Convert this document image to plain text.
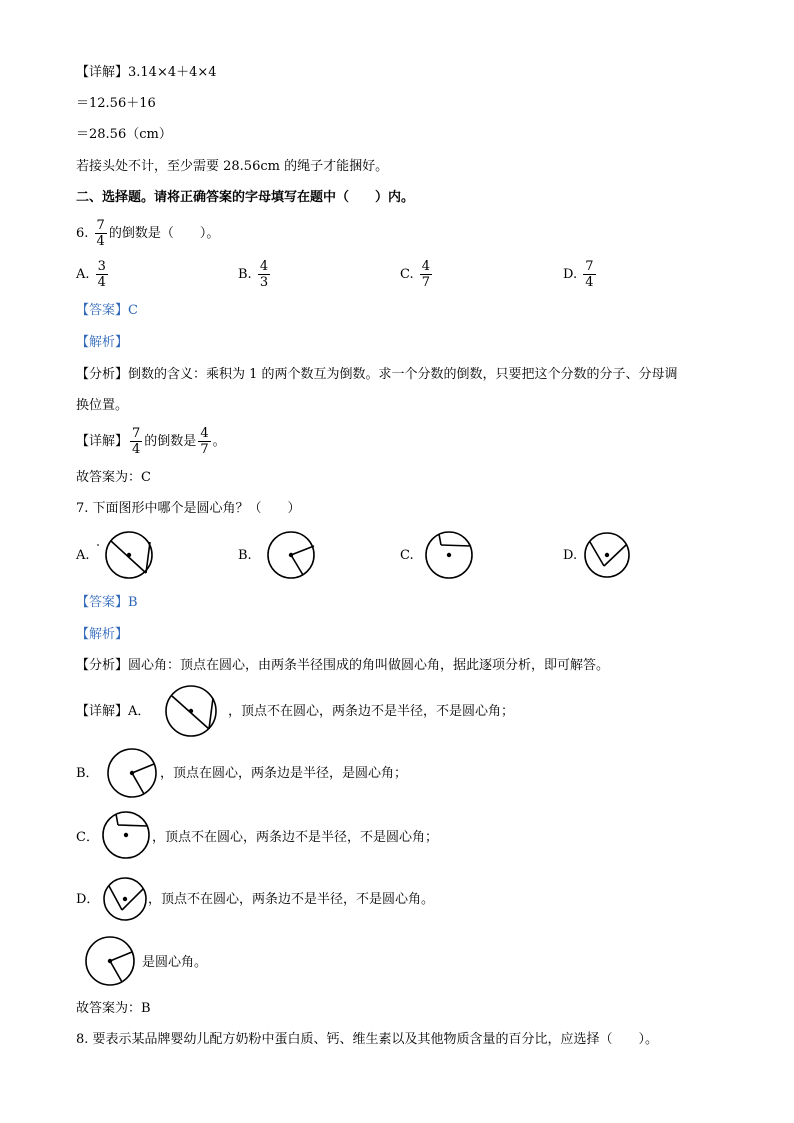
【详解】3.14×4＋4×4
＝12.56＋16
＝28.56（cm）
若接头处不计，至少需要 28.56cm 的绳子才能捆好。
二、选择题。请将正确答案的字母填写在题中（　　）内。
6. $\frac{7}{4}$ 的倒数是（　　）。
A. $\frac{3}{4}$	B. $\frac{4}{3}$	C. $\frac{4}{7}$	D. $\frac{7}{4}$
【答案】C
【解析】
【分析】倒数的含义：乘积为 1 的两个数互为倒数。求一个分数的倒数，只要把这个分数的分子、分母调
换位置。
【详解】 $\frac{7}{4}$ 的倒数是 $\frac{4}{7}$ 。
故答案为：C
7. 下面图形中哪个是圆心角？（　　）
A.	B.	C.	D.
【答案】B
【解析】
【分析】圆心角：顶点在圆心，由两条半径围成的角叫做圆心角，据此逐项分析，即可解答。
【详解】A．	，顶点不在圆心，两条边不是半径，不是圆心角；
B．	，顶点在圆心，两条边是半径，是圆心角；
C．	，顶点不在圆心，两条边不是半径，不是圆心角；
D．	，顶点不在圆心，两条边不是半径，不是圆心角。
是圆心角。
故答案为：B
8. 要表示某品牌婴幼儿配方奶粉中蛋白质、钙、维生素以及其他物质含量的百分比，应选择（　　）。
